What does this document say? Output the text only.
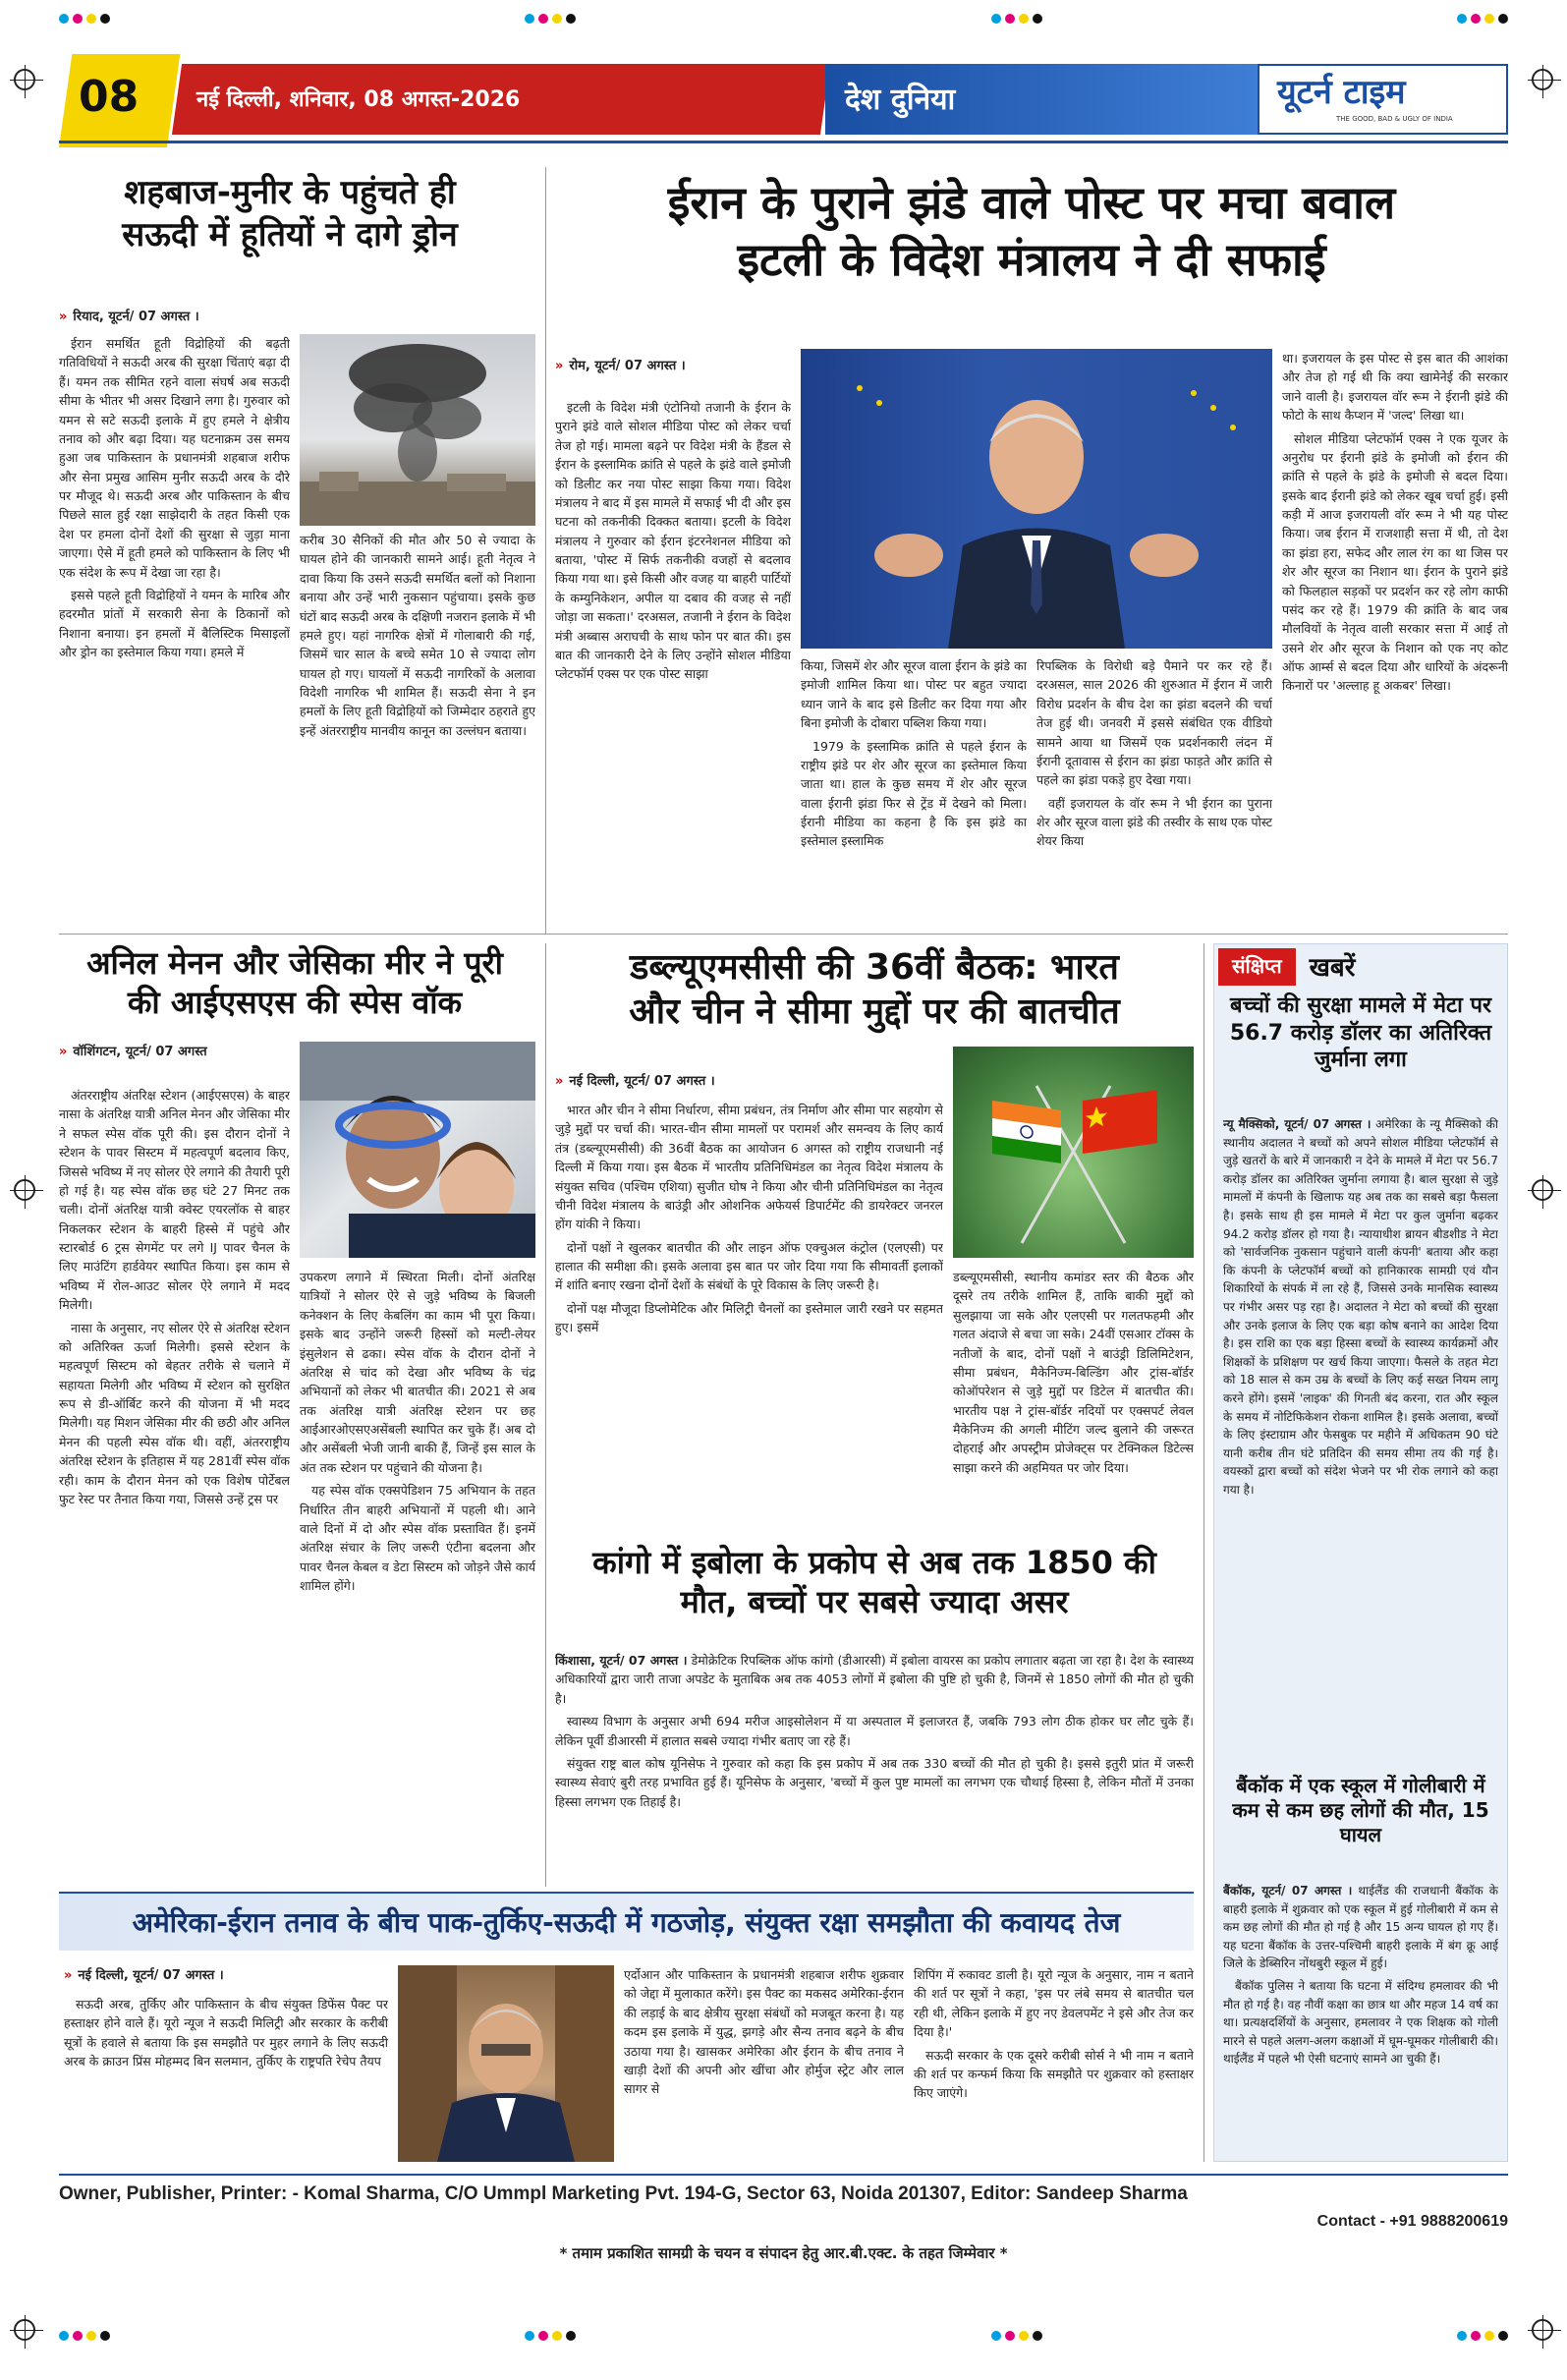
08	नई दिल्ली, शनिवार, 08 अगस्त-2026	देश दुनिया	यूटर्न टाइम
THE GOOD, BAD & UGLY OF INDIA
शहबाज-मुनीर के पहुंचते ही
सऊदी में हूतियों ने दागे ड्रोन
» रियाद, यूटर्न/ 07 अगस्त ।

ईरान समर्थित हूती विद्रोहियों की बढ़ती गतिविधियों ने सऊदी अरब की सुरक्षा चिंताएं बढ़ा दी हैं। यमन तक सीमित रहने वाला संघर्ष अब सऊदी सीमा के भीतर भी असर दिखाने लगा है। गुरुवार को यमन से सटे सऊदी इलाके में हुए हमले ने क्षेत्रीय तनाव को और बढ़ा दिया। यह घटनाक्रम उस समय हुआ जब पाकिस्तान के प्रधानमंत्री शहबाज शरीफ और सेना प्रमुख आसिम मुनीर सऊदी अरब के दौरे पर मौजूद थे। सऊदी अरब और पाकिस्तान के बीच पिछले साल हुई रक्षा साझेदारी के तहत किसी एक देश पर हमला दोनों देशों की सुरक्षा से जुड़ा माना जाएगा। ऐसे में हूती हमले को पाकिस्तान के लिए भी एक संदेश के रूप में देखा जा रहा है।

इससे पहले हूती विद्रोहियों ने यमन के मारिब और हदरमौत प्रांतों में सरकारी सेना के ठिकानों को निशाना बनाया। इन हमलों में बैलिस्टिक मिसाइलों और ड्रोन का इस्तेमाल किया गया। हमले में

करीब 30 सैनिकों की मौत और 50 से ज्यादा के घायल होने की जानकारी सामने आई। हूती नेतृत्व ने दावा किया कि उसने सऊदी समर्थित बलों को निशाना बनाया और उन्हें भारी नुकसान पहुंचाया। इसके कुछ घंटों बाद सऊदी अरब के दक्षिणी नजरान इलाके में भी हमले हुए। यहां नागरिक क्षेत्रों में गोलाबारी की गई, जिसमें चार साल के बच्चे समेत 10 से ज्यादा लोग घायल हो गए। घायलों में सऊदी नागरिकों के अलावा विदेशी नागरिक भी शामिल हैं। सऊदी सेना ने इन हमलों के लिए हूती विद्रोहियों को जिम्मेदार ठहराते हुए इन्हें अंतरराष्ट्रीय मानवीय कानून का उल्लंघन बताया।

ईरान के पुराने झंडे वाले पोस्ट पर मचा बवाल
इटली के विदेश मंत्रालय ने दी सफाई
» रोम, यूटर्न/ 07 अगस्त ।

इटली के विदेश मंत्री एंटोनियो तजानी के ईरान के पुराने झंडे वाले सोशल मीडिया पोस्ट को लेकर चर्चा तेज हो गई। मामला बढ़ने पर विदेश मंत्री के हैंडल से ईरान के इस्लामिक क्रांति से पहले के झंडे वाले इमोजी को डिलीट कर नया पोस्ट साझा किया गया। विदेश मंत्रालय ने बाद में इस मामले में सफाई भी दी और इस घटना को तकनीकी दिक्कत बताया। इटली के विदेश मंत्रालय ने गुरुवार को ईरान इंटरनेशनल मीडिया को बताया, 'पोस्ट में सिर्फ तकनीकी वजहों से बदलाव किया गया था। इसे किसी और वजह या बाहरी पार्टियों के कम्युनिकेशन, अपील या दबाव की वजह से नहीं जोड़ा जा सकता।' दरअसल, तजानी ने ईरान के विदेश मंत्री अब्बास अराघची के साथ फोन पर बात की। इस बात की जानकारी देने के लिए उन्होंने सोशल मीडिया प्लेटफॉर्म एक्स पर एक पोस्ट साझा

किया, जिसमें शेर और सूरज वाला ईरान के झंडे का इमोजी शामिल किया था। पोस्ट पर बहुत ज्यादा ध्यान जाने के बाद इसे डिलीट कर दिया गया और बिना इमोजी के दोबारा पब्लिश किया गया।

1979 के इस्लामिक क्रांति से पहले ईरान के राष्ट्रीय झंडे पर शेर और सूरज का इस्तेमाल किया जाता था। हाल के कुछ समय में शेर और सूरज वाला ईरानी झंडा फिर से ट्रेंड में देखने को मिला। ईरानी मीडिया का कहना है कि इस झंडे का इस्तेमाल इस्लामिक

रिपब्लिक के विरोधी बड़े पैमाने पर कर रहे हैं। दरअसल, साल 2026 की शुरुआत में ईरान में जारी विरोध प्रदर्शन के बीच देश का झंडा बदलने की चर्चा तेज हुई थी। जनवरी में इससे संबंधित एक वीडियो सामने आया था जिसमें एक प्रदर्शनकारी लंदन में ईरानी दूतावास से ईरान का झंडा फाड़ते और क्रांति से पहले का झंडा पकड़े हुए देखा गया।

वहीं इजरायल के वॉर रूम ने भी ईरान का पुराना शेर और सूरज वाला झंडे की तस्वीर के साथ एक पोस्ट शेयर किया

था। इजरायल के इस पोस्ट से इस बात की आशंका और तेज हो गई थी कि क्या खामेनेई की सरकार जाने वाली है। इजरायल वॉर रूम ने ईरानी झंडे की फोटो के साथ कैप्शन में 'जल्द' लिखा था।

सोशल मीडिया प्लेटफॉर्म एक्स ने एक यूजर के अनुरोध पर ईरानी झंडे के इमोजी को ईरान की क्रांति से पहले के झंडे के इमोजी से बदल दिया। इसके बाद ईरानी झंडे को लेकर खूब चर्चा हुई। इसी कड़ी में आज इजरायली वॉर रूम ने भी यह पोस्ट किया। जब ईरान में राजशाही सत्ता में थी, तो देश का झंडा हरा, सफेद और लाल रंग का था जिस पर शेर और सूरज का निशान था। ईरान के पुराने झंडे को फिलहाल सड़कों पर प्रदर्शन कर रहे लोग काफी पसंद कर रहे हैं। 1979 की क्रांति के बाद जब मौलवियों के नेतृत्व वाली सरकार सत्ता में आई तो उसने शेर और सूरज के निशान को एक नए कोट ऑफ आर्म्स से बदल दिया और धारियों के अंदरूनी किनारों पर 'अल्लाह हू अकबर' लिखा।

अनिल मेनन और जेसिका मीर ने पूरी
की आईएसएस की स्पेस वॉक
» वॉशिंगटन, यूटर्न/ 07 अगस्त

अंतरराष्ट्रीय अंतरिक्ष स्टेशन (आईएसएस) के बाहर नासा के अंतरिक्ष यात्री अनिल मेनन और जेसिका मीर ने सफल स्पेस वॉक पूरी की। इस दौरान दोनों ने स्टेशन के पावर सिस्टम में महत्वपूर्ण बदलाव किए, जिससे भविष्य में नए सोलर ऐरे लगाने की तैयारी पूरी हो गई है। यह स्पेस वॉक छह घंटे 27 मिनट तक चली। दोनों अंतरिक्ष यात्री क्वेस्ट एयरलॉक से बाहर निकलकर स्टेशन के बाहरी हिस्से में पहुंचे और स्टारबोर्ड 6 ट्रस सेगमेंट पर लगे IJ पावर चैनल के लिए माउंटिंग हार्डवेयर स्थापित किया। इस काम से भविष्य में रोल-आउट सोलर ऐरे लगाने में मदद मिलेगी।

नासा के अनुसार, नए सोलर ऐरे से अंतरिक्ष स्टेशन को अतिरिक्त ऊर्जा मिलेगी। इससे स्टेशन के महत्वपूर्ण सिस्टम को बेहतर तरीके से चलाने में सहायता मिलेगी और भविष्य में स्टेशन को सुरक्षित रूप से डी-ऑर्बिट करने की योजना में भी मदद मिलेगी। यह मिशन जेसिका मीर की छठी और अनिल मेनन की पहली स्पेस वॉक थी। वहीं, अंतरराष्ट्रीय अंतरिक्ष स्टेशन के इतिहास में यह 281वीं स्पेस वॉक रही। काम के दौरान मेनन को एक विशेष पोर्टेबल फुट रेस्ट पर तैनात किया गया, जिससे उन्हें ट्रस पर

उपकरण लगाने में स्थिरता मिली। दोनों अंतरिक्ष यात्रियों ने सोलर ऐरे से जुड़े भविष्य के बिजली कनेक्शन के लिए केबलिंग का काम भी पूरा किया। इसके बाद उन्होंने जरूरी हिस्सों को मल्टी-लेयर इंसुलेशन से ढका। स्पेस वॉक के दौरान दोनों ने अंतरिक्ष से चांद को देखा और भविष्य के चंद्र अभियानों को लेकर भी बातचीत की। 2021 से अब तक अंतरिक्ष यात्री अंतरिक्ष स्टेशन पर छह आईआरओएसएअसेंबली स्थापित कर चुके हैं। अब दो और असेंबली भेजी जानी बाकी हैं, जिन्हें इस साल के अंत तक स्टेशन पर पहुंचाने की योजना है।

यह स्पेस वॉक एक्सपेडिशन 75 अभियान के तहत निर्धारित तीन बाहरी अभियानों में पहली थी। आने वाले दिनों में दो और स्पेस वॉक प्रस्तावित हैं। इनमें अंतरिक्ष संचार के लिए जरूरी एंटीना बदलना और पावर चैनल केबल व डेटा सिस्टम को जोड़ने जैसे कार्य शामिल होंगे।

डब्ल्यूएमसीसी की 36वीं बैठक: भारत
और चीन ने सीमा मुद्दों पर की बातचीत
» नई दिल्ली, यूटर्न/ 07 अगस्त ।

भारत और चीन ने सीमा निर्धारण, सीमा प्रबंधन, तंत्र निर्माण और सीमा पार सहयोग से जुड़े मुद्दों पर चर्चा की। भारत-चीन सीमा मामलों पर परामर्श और समन्वय के लिए कार्य तंत्र (डब्ल्यूएमसीसी) की 36वीं बैठक का आयोजन 6 अगस्त को राष्ट्रीय राजधानी नई दिल्ली में किया गया। इस बैठक में भारतीय प्रतिनिधिमंडल का नेतृत्व विदेश मंत्रालय के संयुक्त सचिव (पश्चिम एशिया) सुजीत घोष ने किया और चीनी प्रतिनिधिमंडल का नेतृत्व चीनी विदेश मंत्रालय के बाउंड्री और ओशनिक अफेयर्स डिपार्टमेंट की डायरेक्टर जनरल होंग यांकी ने किया।

दोनों पक्षों ने खुलकर बातचीत की और लाइन ऑफ एक्चुअल कंट्रोल (एलएसी) पर हालात की समीक्षा की। इसके अलावा इस बात पर जोर दिया गया कि सीमावर्ती इलाकों में शांति बनाए रखना दोनों देशों के संबंधों के पूरे विकास के लिए जरूरी है।

दोनों पक्ष मौजूदा डिप्लोमेटिक और मिलिट्री चैनलों का इस्तेमाल जारी रखने पर सहमत हुए। इसमें

डब्ल्यूएमसीसी, स्थानीय कमांडर स्तर की बैठक और दूसरे तय तरीके शामिल हैं, ताकि बाकी मुद्दों को सुलझाया जा सके और एलएसी पर गलतफहमी और गलत अंदाजे से बचा जा सके। 24वीं एसआर टॉक्स के नतीजों के बाद, दोनों पक्षों ने बाउंड्री डिलिमिटेशन, सीमा प्रबंधन, मैकेनिज्म-बिल्डिंग और ट्रांस-बॉर्डर कोऑपरेशन से जुड़े मुद्दों पर डिटेल में बातचीत की। भारतीय पक्ष ने ट्रांस-बॉर्डर नदियों पर एक्सपर्ट लेवल मैकेनिज्म की अगली मीटिंग जल्द बुलाने की जरूरत दोहराई और अपस्ट्रीम प्रोजेक्ट्स पर टेक्निकल डिटेल्स साझा करने की अहमियत पर जोर दिया।

कांगो में इबोला के प्रकोप से अब तक 1850 की
मौत, बच्चों पर सबसे ज्यादा असर

किंशासा, यूटर्न/ 07 अगस्त । डेमोक्रेटिक रिपब्लिक ऑफ कांगो (डीआरसी) में इबोला वायरस का प्रकोप लगातार बढ़ता जा रहा है। देश के स्वास्थ्य अधिकारियों द्वारा जारी ताजा अपडेट के मुताबिक अब तक 4053 लोगों में इबोला की पुष्टि हो चुकी है, जिनमें से 1850 लोगों की मौत हो चुकी है।

स्वास्थ्य विभाग के अनुसार अभी 694 मरीज आइसोलेशन में या अस्पताल में इलाजरत हैं, जबकि 793 लोग ठीक होकर घर लौट चुके हैं। लेकिन पूर्वी डीआरसी में हालात सबसे ज्यादा गंभीर बताए जा रहे हैं।

संयुक्त राष्ट्र बाल कोष यूनिसेफ ने गुरुवार को कहा कि इस प्रकोप में अब तक 330 बच्चों की मौत हो चुकी है। इससे इतुरी प्रांत में जरूरी स्वास्थ्य सेवाएं बुरी तरह प्रभावित हुई हैं। यूनिसेफ के अनुसार, 'बच्चों में कुल पुष्ट मामलों का लगभग एक चौथाई हिस्सा है, लेकिन मौतों में उनका हिस्सा लगभग एक तिहाई है।

संक्षिप्त	खबरें
बच्चों की सुरक्षा मामले में मेटा पर 56.7 करोड़ डॉलर का अतिरिक्त जुर्माना लगा

न्यू मैक्सिको, यूटर्न/ 07 अगस्त । अमेरिका के न्यू मैक्सिको की स्थानीय अदालत ने बच्चों को अपने सोशल मीडिया प्लेटफॉर्म से जुड़े खतरों के बारे में जानकारी न देने के मामले में मेटा पर 56.7 करोड़ डॉलर का अतिरिक्त जुर्माना लगाया है। बाल सुरक्षा से जुड़े मामलों में कंपनी के खिलाफ यह अब तक का सबसे बड़ा फैसला है। इसके साथ ही इस मामले में मेटा पर कुल जुर्माना बढ़कर 94.2 करोड़ डॉलर हो गया है। न्यायाधीश ब्रायन बीडशीड ने मेटा को 'सार्वजनिक नुकसान पहुंचाने वाली कंपनी' बताया और कहा कि कंपनी के प्लेटफॉर्म बच्चों को हानिकारक सामग्री एवं यौन शिकारियों के संपर्क में ला रहे हैं, जिससे उनके मानसिक स्वास्थ्य पर गंभीर असर पड़ रहा है। अदालत ने मेटा को बच्चों की सुरक्षा और उनके इलाज के लिए एक बड़ा कोष बनाने का आदेश दिया है। इस राशि का एक बड़ा हिस्सा बच्चों के स्वास्थ्य कार्यक्रमों और शिक्षकों के प्रशिक्षण पर खर्च किया जाएगा। फैसले के तहत मेटा को 18 साल से कम उम्र के बच्चों के लिए कई सख्त नियम लागू करने होंगे। इसमें 'लाइक' की गिनती बंद करना, रात और स्कूल के समय में नोटिफिकेशन रोकना शामिल है। इसके अलावा, बच्चों के लिए इंस्टाग्राम और फेसबुक पर महीने में अधिकतम 90 घंटे यानी करीब तीन घंटे प्रतिदिन की समय सीमा तय की गई है। वयस्कों द्वारा बच्चों को संदेश भेजने पर भी रोक लगाने को कहा गया है।

बैंकॉक में एक स्कूल में गोलीबारी में कम से कम छह लोगों की मौत, 15 घायल

बैंकॉक, यूटर्न/ 07 अगस्त । थाईलैंड की राजधानी बैंकॉक के बाहरी इलाके में शुक्रवार को एक स्कूल में हुई गोलीबारी में कम से कम छह लोगों की मौत हो गई है और 15 अन्य घायल हो गए हैं। यह घटना बैंकॉक के उत्तर-पश्चिमी बाहरी इलाके में बंग क्रू आई जिले के डेब्सिरिन नोंथबुरी स्कूल में हुई।

बैंकॉक पुलिस ने बताया कि घटना में संदिग्ध हमलावर की भी मौत हो गई है। वह नौवीं कक्षा का छात्र था और महज 14 वर्ष का था। प्रत्यक्षदर्शियों के अनुसार, हमलावर ने एक शिक्षक को गोली मारने से पहले अलग-अलग कक्षाओं में घूम-घूमकर गोलीबारी की। थाईलैंड में पहले भी ऐसी घटनाएं सामने आ चुकी हैं।

अमेरिका-ईरान तनाव के बीच पाक-तुर्किए-सऊदी में गठजोड़, संयुक्त रक्षा समझौता की कवायद तेज
» नई दिल्ली, यूटर्न/ 07 अगस्त ।

सऊदी अरब, तुर्किए और पाकिस्तान के बीच संयुक्त डिफेंस पैक्ट पर हस्ताक्षर होने वाले हैं। यूरो न्यूज ने सऊदी मिलिट्री और सरकार के करीबी सूत्रों के हवाले से बताया कि इस समझौते पर मुहर लगाने के लिए सऊदी अरब के क्राउन प्रिंस मोहम्मद बिन सलमान, तुर्किए के राष्ट्रपति रेचेप तैयप

एर्दोआन और पाकिस्तान के प्रधानमंत्री शहबाज शरीफ शुक्रवार को जेद्दा में मुलाकात करेंगे। इस पैक्ट का मकसद अमेरिका-ईरान की लड़ाई के बाद क्षेत्रीय सुरक्षा संबंधों को मजबूत करना है। यह कदम इस इलाके में युद्ध, झगड़े और सैन्य तनाव बढ़ने के बीच उठाया गया है। खासकर अमेरिका और ईरान के बीच तनाव ने खाड़ी देशों की अपनी ओर खींचा और होर्मुज स्ट्रेट और लाल सागर से

शिपिंग में रुकावट डाली है। यूरो न्यूज के अनुसार, नाम न बताने की शर्त पर सूत्रों ने कहा, 'इस पर लंबे समय से बातचीत चल रही थी, लेकिन इलाके में हुए नए डेवलपमेंट ने इसे और तेज कर दिया है।'

सऊदी सरकार के एक दूसरे करीबी सोर्स ने भी नाम न बताने की शर्त पर कन्फर्म किया कि समझौते पर शुक्रवार को हस्ताक्षर किए जाएंगे।

Owner, Publisher, Printer: - Komal Sharma, C/O Ummpl Marketing Pvt. 194-G, Sector 63, Noida 201307, Editor: Sandeep Sharma
Contact - +91 9888200619
* तमाम प्रकाशित सामग्री के चयन व संपादन हेतु आर.बी.एक्ट. के तहत जिम्मेवार *
